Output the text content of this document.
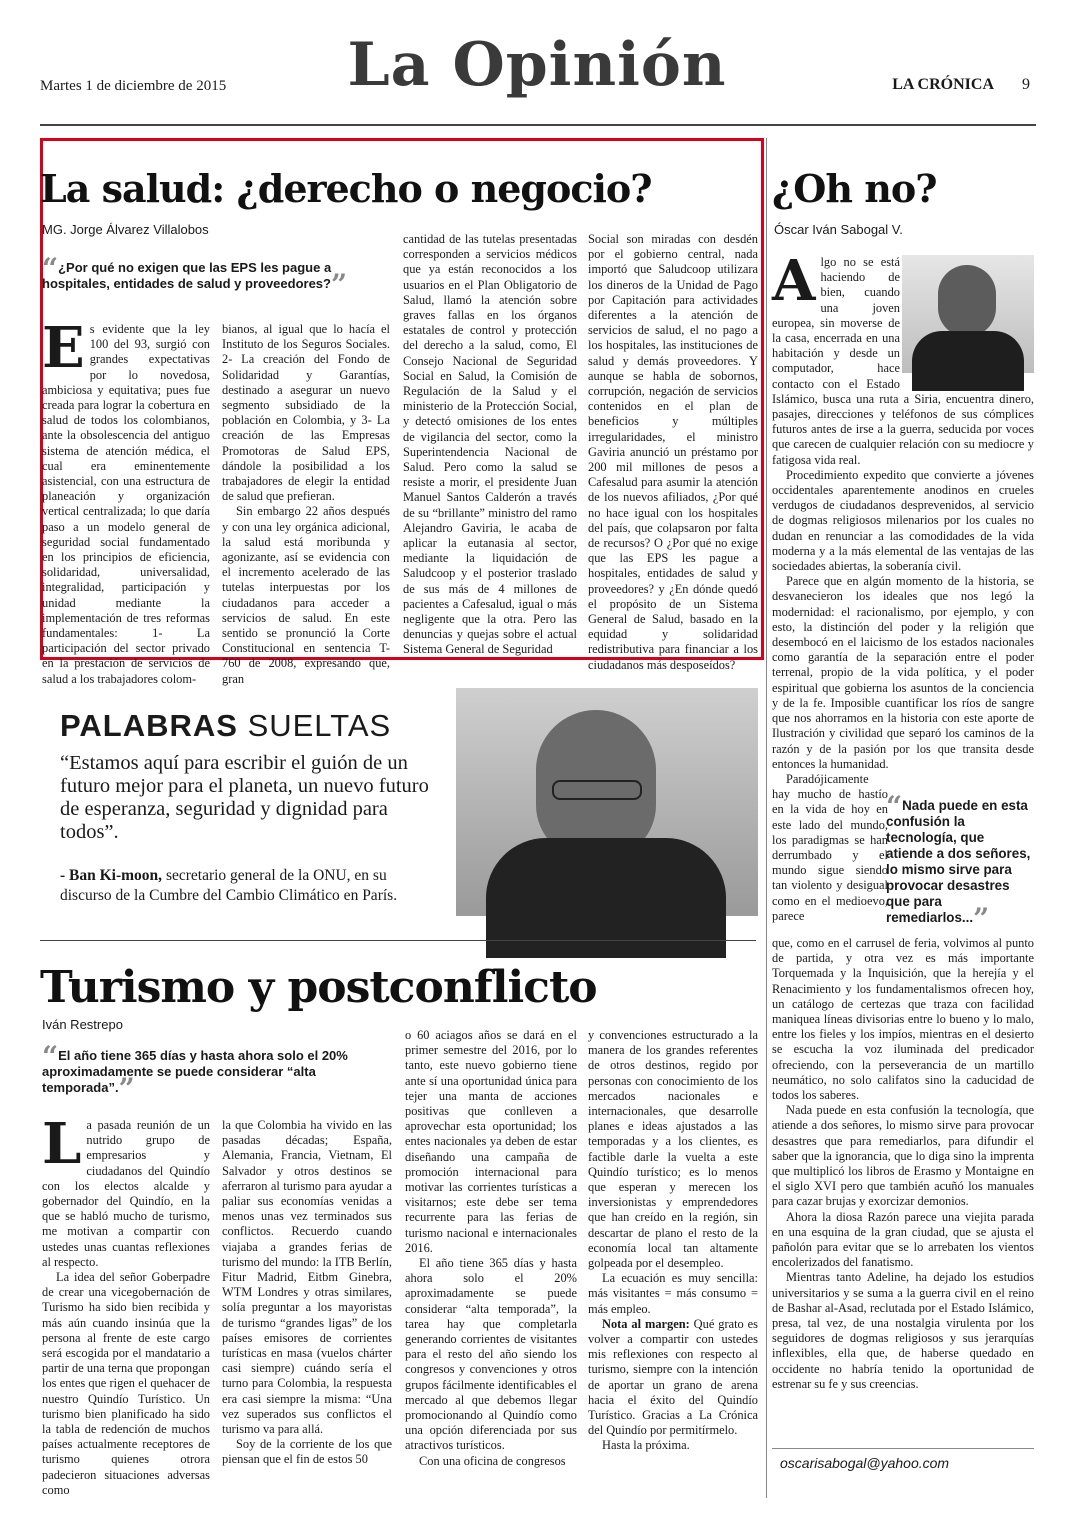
Martes 1 de diciembre de 2015	La Opinión	LA CRÓNICA 9
La salud: ¿derecho o negocio?
MG. Jorge Álvarez Villalobos
“¿Por qué no exigen que las EPS les pague a hospitales, entidades de salud y proveedores?”
E s evidente que la ley 100 del 93, surgió con grandes expectativas por lo novedosa, ambiciosa y equitativa; pues fue creada para lograr la cobertura en salud de todos los colombianos, ante la obsolescencia del antiguo sistema de atención médica, el cual era eminentemente asistencial, con una estructura de planeación y organización vertical centralizada; lo que daría paso a un modelo general de seguridad social fundamentado en los principios de eficiencia, solidaridad, universalidad, integralidad, participación y unidad mediante la implementación de tres reformas fundamentales: 1- La participación del sector privado en la prestación de servicios de salud a los trabajadores colom-

bianos, al igual que lo hacía el Instituto de los Seguros Sociales. 2- La creación del Fondo de Solidaridad y Garantías, destinado a asegurar un nuevo segmento subsidiado de la población en Colombia, y 3- La creación de las Empresas Promotoras de Salud EPS, dándole la posibilidad a los trabajadores de elegir la entidad de salud que prefieran.

Sin embargo 22 años después y con una ley orgánica adicional, la salud está moribunda y agonizante, así se evidencia con el incremento acelerado de las tutelas interpuestas por los ciudadanos para acceder a servicios de salud. En este sentido se pronunció la Corte Constitucional en sentencia T-760 de 2008, expresando que, gran

cantidad de las tutelas presentadas corresponden a servicios médicos que ya están reconocidos a los usuarios en el Plan Obligatorio de Salud, llamó la atención sobre graves fallas en los órganos estatales de control y protección del derecho a la salud, como, El Consejo Nacional de Seguridad Social en Salud, la Comisión de Regulación de la Salud y el ministerio de la Protección Social, y detectó omisiones de los entes de vigilancia del sector, como la Superintendencia Nacional de Salud. Pero como la salud se resiste a morir, el presidente Juan Manuel Santos Calderón a través de su “brillante” ministro del ramo Alejandro Gaviria, le acaba de aplicar la eutanasia al sector, mediante la liquidación de Saludcoop y el posterior traslado de sus más de 4 millones de pacientes a Cafesalud, igual o más negligente que la otra. Pero las denuncias y quejas sobre el actual Sistema General de Seguridad

Social son miradas con desdén por el gobierno central, nada importó que Saludcoop utilizara los dineros de la Unidad de Pago por Capitación para actividades diferentes a la atención de servicios de salud, el no pago a los hospitales, las instituciones de salud y demás proveedores. Y aunque se habla de sobornos, corrupción, negación de servicios contenidos en el plan de beneficios y múltiples irregularidades, el ministro Gaviria anunció un préstamo por 200 mil millones de pesos a Cafesalud para asumir la atención de los nuevos afiliados, ¿Por qué no hace igual con los hospitales del país, que colapsaron por falta de recursos? O ¿Por qué no exige que las EPS les pague a hospitales, entidades de salud y proveedores? y ¿En dónde quedó el propósito de un Sistema General de Salud, basado en la equidad y solidaridad redistributiva para financiar a los ciudadanos más desposeídos?

PALABRAS SUELTAS
“Estamos aquí para escribir el guión de un futuro mejor para el planeta, un nuevo futuro de esperanza, seguridad y dignidad para todos”.
- Ban Ki-moon, secretario general de la ONU, en su discurso de la Cumbre del Cambio Climático en París.
Turismo y postconflicto
Iván Restrepo
“El año tiene 365 días y hasta ahora solo el 20% aproximadamente se puede considerar “alta temporada”.”
L a pasada reunión de un nutrido grupo de empresarios y ciudadanos del Quindío con los electos alcalde y gobernador del Quindío, en la que se habló mucho de turismo, me motivan a compartir con ustedes unas cuantas reflexiones al respecto.

La idea del señor Goberpadre de crear una vicegobernación de Turismo ha sido bien recibida y más aún cuando insinúa que la persona al frente de este cargo será escogida por el mandatario a partir de una terna que propongan los entes que rigen el quehacer de nuestro Quindío Turístico. Un turismo bien planificado ha sido la tabla de redención de muchos países actualmente receptores de turismo quienes otrora padecieron situaciones adversas como

la que Colombia ha vivido en las pasadas décadas; España, Alemania, Francia, Vietnam, El Salvador y otros destinos se aferraron al turismo para ayudar a paliar sus economías venidas a menos unas vez terminados sus conflictos. Recuerdo cuando viajaba a grandes ferias de turismo del mundo: la ITB Berlín, Fitur Madrid, Eitbm Ginebra, WTM Londres y otras similares, solía preguntar a los mayoristas de turismo “grandes ligas” de los países emisores de corrientes turísticas en masa (vuelos chárter casi siempre) cuándo sería el turno para Colombia, la respuesta era casi siempre la misma: “Una vez superados sus conflictos el turismo va para allá.

Soy de la corriente de los que piensan que el fin de estos 50

o 60 aciagos años se dará en el primer semestre del 2016, por lo tanto, este nuevo gobierno tiene ante sí una oportunidad única para tejer una manta de acciones positivas que conlleven a aprovechar esta oportunidad; los entes nacionales ya deben de estar diseñando una campaña de promoción internacional para motivar las corrientes turísticas a visitarnos; este debe ser tema recurrente para las ferias de turismo nacional e internacionales 2016.

El año tiene 365 días y hasta ahora solo el 20% aproximadamente se puede considerar “alta temporada”, la tarea hay que completarla generando corrientes de visitantes para el resto del año siendo los congresos y convenciones y otros grupos fácilmente identificables el mercado al que debemos llegar promocionando al Quindío como una opción diferenciada por sus atractivos turísticos.

Con una oficina de congresos

y convenciones estructurado a la manera de los grandes referentes de otros destinos, regido por personas con conocimiento de los mercados nacionales e internacionales, que desarrolle planes e ideas ajustados a las temporadas y a los clientes, es factible darle la vuelta a este Quindío turístico; es lo menos que esperan y merecen los inversionistas y emprendedores que han creído en la región, sin descartar de plano el resto de la economía local tan altamente golpeada por el desempleo.

La ecuación es muy sencilla: más visitantes = más consumo = más empleo.

Nota al margen: Qué grato es volver a compartir con ustedes mis reflexiones con respecto al turismo, siempre con la intención de aportar un grano de arena hacia el éxito del Quindío Turístico. Gracias a La Crónica del Quindío por permitírmelo.

Hasta la próxima.

¿Oh no?
Óscar Iván Sabogal V.
A lgo no se está haciendo de bien, cuando una joven europea, sin moverse de la casa, encerrada en una habitación y desde un computador, hace contacto con el Estado Islámico, busca una ruta a Siria, encuentra dinero, pasajes, direcciones y teléfonos de sus cómplices futuros antes de irse a la guerra, seducida por voces que carecen de cualquier relación con su mediocre y fatigosa vida real.

Procedimiento expedito que convierte a jóvenes occidentales aparentemente anodinos en crueles verdugos de ciudadanos desprevenidos, al servicio de dogmas religiosos milenarios por los cuales no dudan en renunciar a las comodidades de la vida moderna y a la más elemental de las ventajas de las sociedades abiertas, la soberanía civil.

Parece que en algún momento de la historia, se desvanecieron los ideales que nos legó la modernidad: el racionalismo, por ejemplo, y con esto, la distinción del poder y la religión que desembocó en el laicismo de los estados nacionales como garantía de la separación entre el poder terrenal, propio de la vida política, y el poder espiritual que gobierna los asuntos de la conciencia y de la fe. Imposible cuantificar los ríos de sangre que nos ahorramos en la historia con este aporte de Ilustración y civilidad que separó los caminos de la razón y de la pasión por los que transita desde entonces la humanidad.

Paradójicamente hay mucho de hastío en la vida de hoy en este lado del mundo, los paradigmas se han derrumbado y el mundo sigue siendo tan violento y desigual como en el medioevo, parece

“Nada puede en esta confusión la tecnología, que atiende a dos señores, lo mismo sirve para provocar desastres que para remediarlos...”

que, como en el carrusel de feria, volvimos al punto de partida, y otra vez es más importante Torquemada y la Inquisición, que la herejía y el Renacimiento y los fundamentalismos ofrecen hoy, un catálogo de certezas que traza con facilidad maniquea líneas divisorias entre lo bueno y lo malo, entre los fieles y los impíos, mientras en el desierto se escucha la voz iluminada del predicador ofreciendo, con la perseverancia de un martillo neumático, no solo califatos sino la caducidad de todos los saberes.

Nada puede en esta confusión la tecnología, que atiende a dos señores, lo mismo sirve para provocar desastres que para remediarlos, para difundir el saber que la ignorancia, que lo diga sino la imprenta que multiplicó los libros de Erasmo y Montaigne en el siglo XVI pero que también acuñó los manuales para cazar brujas y exorcizar demonios.

Ahora la diosa Razón parece una viejita parada en una esquina de la gran ciudad, que se ajusta el pañolón para evitar que se lo arrebaten los vientos encolerizados del fanatismo.

Mientras tanto Adeline, ha dejado los estudios universitarios y se suma a la guerra civil en el reino de Bashar al-Asad, reclutada por el Estado Islámico, presa, tal vez, de una nostalgia virulenta por los seguidores de dogmas religiosos y sus jerarquías inflexibles, ella que, de haberse quedado en occidente no habría tenido la oportunidad de estrenar su fe y sus creencias.

oscarisabogal@yahoo.com
